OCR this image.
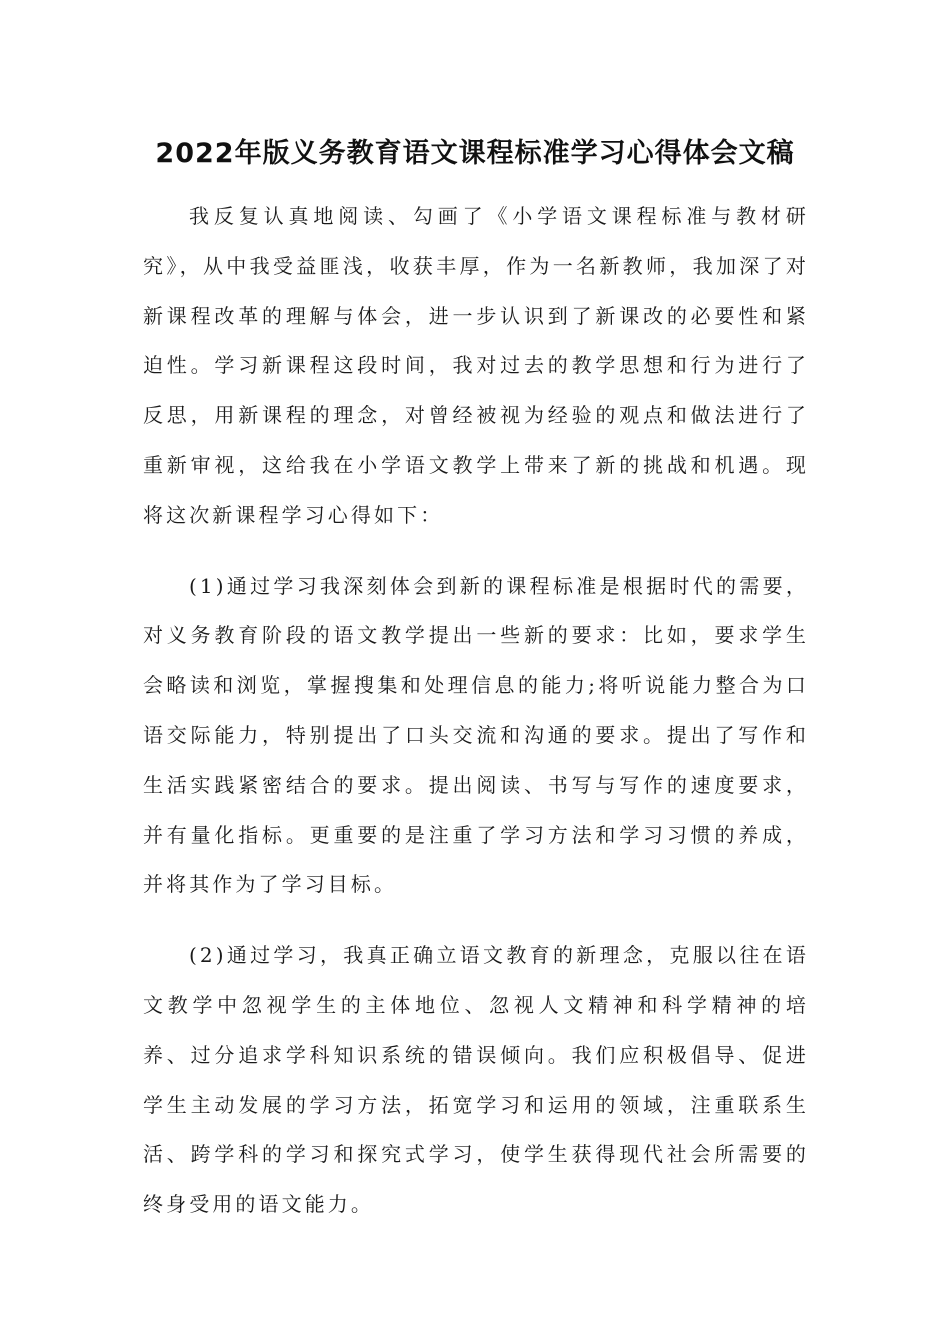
2022年版义务教育语文课程标准学习心得体会文稿

我反复认真地阅读、勾画了《小学语文课程标准与教材研究》，从中我受益匪浅，收获丰厚，作为一名新教师，我加深了对新课程改革的理解与体会，进一步认识到了新课改的必要性和紧迫性。学习新课程这段时间，我对过去的教学思想和行为进行了反思，用新课程的理念，对曾经被视为经验的观点和做法进行了重新审视，这给我在小学语文教学上带来了新的挑战和机遇。现将这次新课程学习心得如下：

(1)通过学习我深刻体会到新的课程标准是根据时代的需要，对义务教育阶段的语文教学提出一些新的要求：比如，要求学生会略读和浏览，掌握搜集和处理信息的能力;将听说能力整合为口语交际能力，特别提出了口头交流和沟通的要求。提出了写作和生活实践紧密结合的要求。提出阅读、书写与写作的速度要求，并有量化指标。更重要的是注重了学习方法和学习习惯的养成，并将其作为了学习目标。

(2)通过学习，我真正确立语文教育的新理念，克服以往在语文教学中忽视学生的主体地位、忽视人文精神和科学精神的培养、过分追求学科知识系统的错误倾向。我们应积极倡导、促进学生主动发展的学习方法，拓宽学习和运用的领域，注重联系生活、跨学科的学习和探究式学习，使学生获得现代社会所需要的终身受用的语文能力。
